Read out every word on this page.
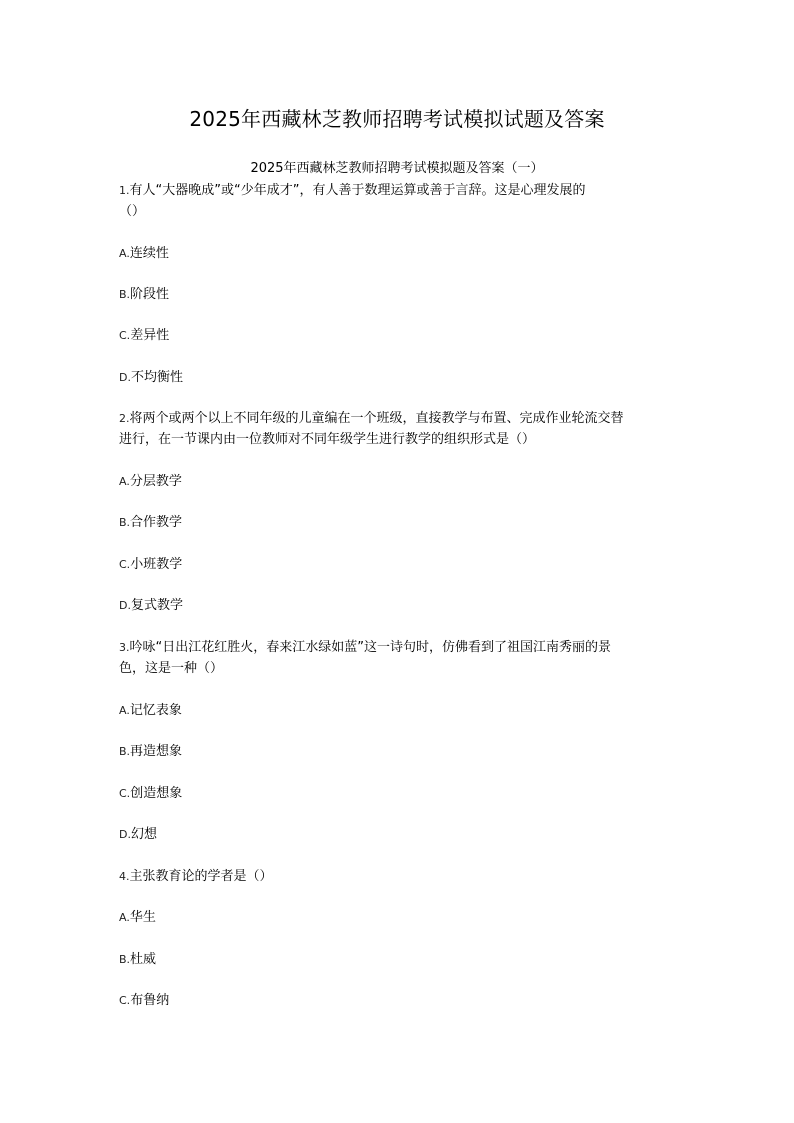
2025年西藏林芝教师招聘考试模拟试题及答案
2025年西藏林芝教师招聘考试模拟题及答案（一）
1.有人“大器晚成”或“少年成才”，有人善于数理运算或善于言辞。这是心理发展的
（）
A.连续性
B.阶段性
C.差异性
D.不均衡性
2.将两个或两个以上不同年级的儿童编在一个班级，直接教学与布置、完成作业轮流交替
进行，在一节课内由一位教师对不同年级学生进行教学的组织形式是（）
A.分层教学
B.合作教学
C.小班教学
D.复式教学
3.吟咏“日出江花红胜火，春来江水绿如蓝”这一诗句时，仿佛看到了祖国江南秀丽的景
色，这是一种（）
A.记忆表象
B.再造想象
C.创造想象
D.幻想
4.主张教育论的学者是（）
A.华生
B.杜威
C.布鲁纳
